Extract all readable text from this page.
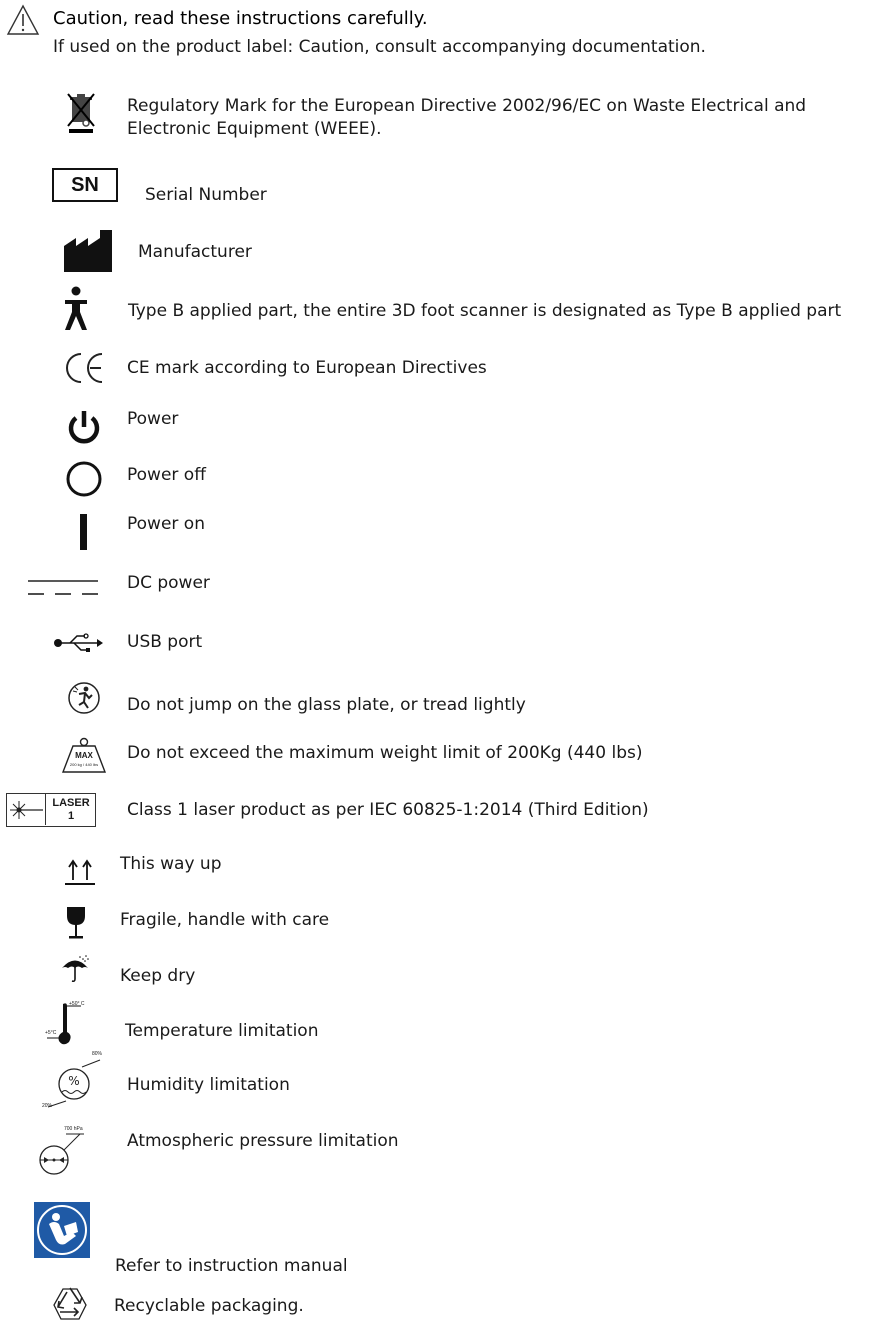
Caution, read these instructions carefully.
If used on the product label: Caution, consult accompanying documentation.
Regulatory Mark for the European Directive 2002/96/EC on Waste Electrical and
Electronic Equipment (WEEE).
SN	Serial Number
Manufacturer
Type B applied part, the entire 3D foot scanner is designated as Type B applied part
CE mark according to European Directives
Power
Power off
Power on
DC power
USB port
Do not jump on the glass plate, or tread lightly
MAX
200 kg / 440 lbs
Do not exceed the maximum weight limit of 200Kg (440 lbs)
LASER
1	Class 1 laser product as per IEC 60825-1:2014 (Third Edition)
This way up
Fragile, handle with care
Keep dry
+50° C
+5°C	Temperature limitation
%
80%
20%
Humidity limitation
700 hPa
Atmospheric pressure limitation
Refer to instruction manual
Recyclable packaging.
